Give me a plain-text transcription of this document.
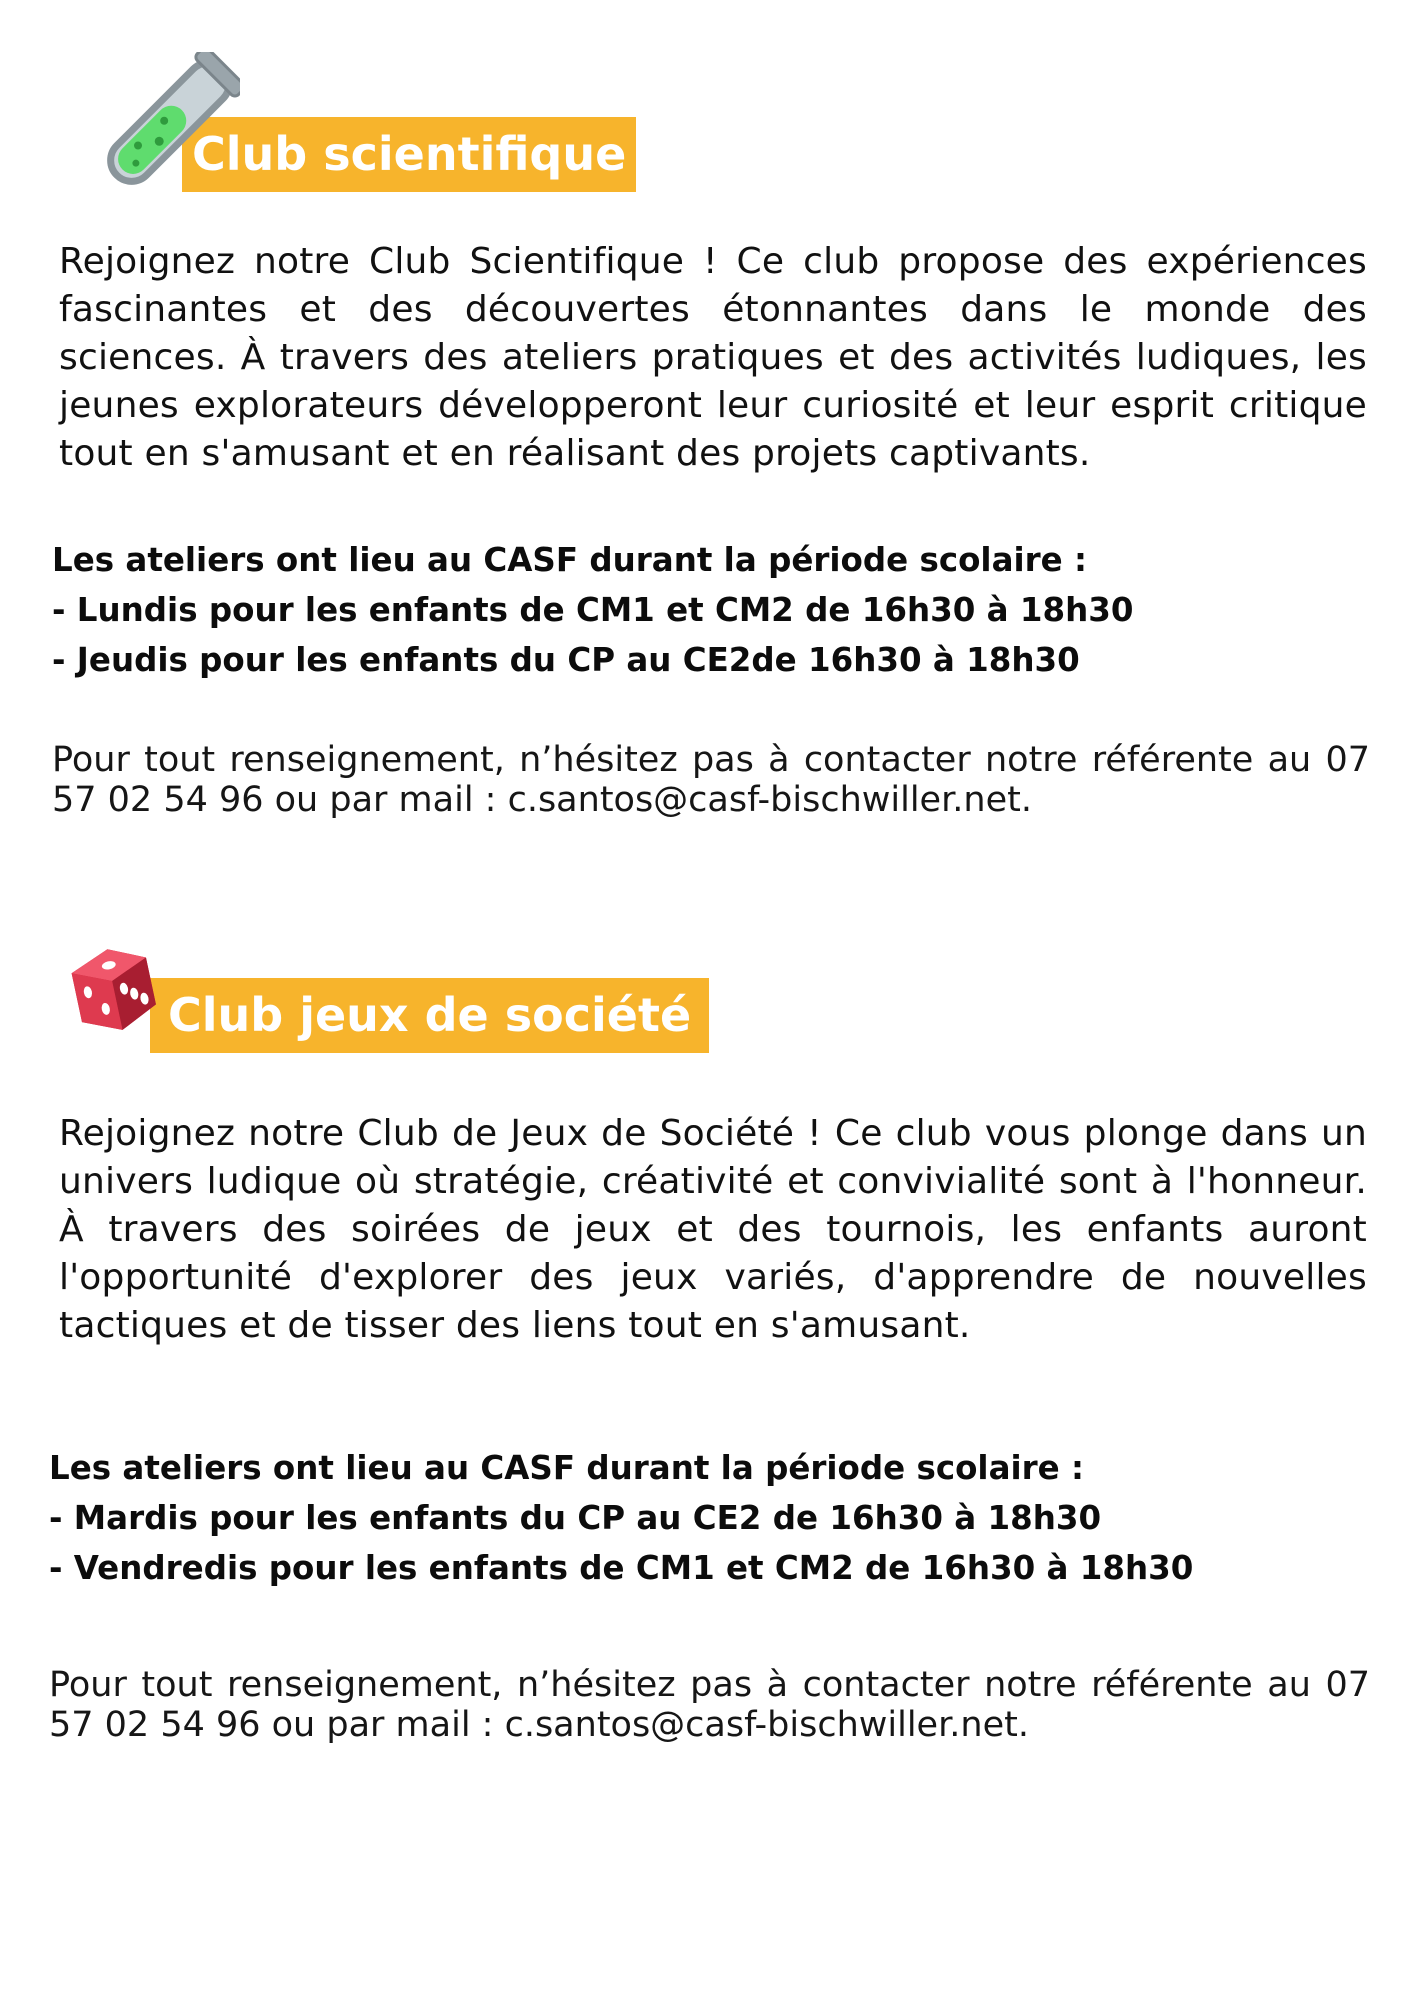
Club scientifique
Rejoignez notre Club Scientifique ! Ce club propose des expériences fascinantes et des découvertes étonnantes dans le monde des sciences. À travers des ateliers pratiques et des activités ludiques, les jeunes explorateurs développeront leur curiosité et leur esprit critique tout en s'amusant et en réalisant des projets captivants.
Les ateliers ont lieu au CASF durant la période scolaire :
- Lundis pour les enfants de CM1 et CM2 de 16h30 à 18h30
- Jeudis pour les enfants du CP au CE2de 16h30 à 18h30
Pour tout renseignement, n’hésitez pas à contacter notre référente au 07 57 02 54 96 ou par mail : c.santos@casf-bischwiller.net.
Club jeux de société
Rejoignez notre Club de Jeux de Société ! Ce club vous plonge dans un univers ludique où stratégie, créativité et convivialité sont à l'honneur. À travers des soirées de jeux et des tournois, les enfants auront l'opportunité d'explorer des jeux variés, d'apprendre de nouvelles tactiques et de tisser des liens tout en s'amusant.
Les ateliers ont lieu au CASF durant la période scolaire :
- Mardis pour les enfants du CP au CE2 de 16h30 à 18h30
- Vendredis pour les enfants de CM1 et CM2 de 16h30 à 18h30
Pour tout renseignement, n’hésitez pas à contacter notre référente au 07 57 02 54 96 ou par mail : c.santos@casf-bischwiller.net.
